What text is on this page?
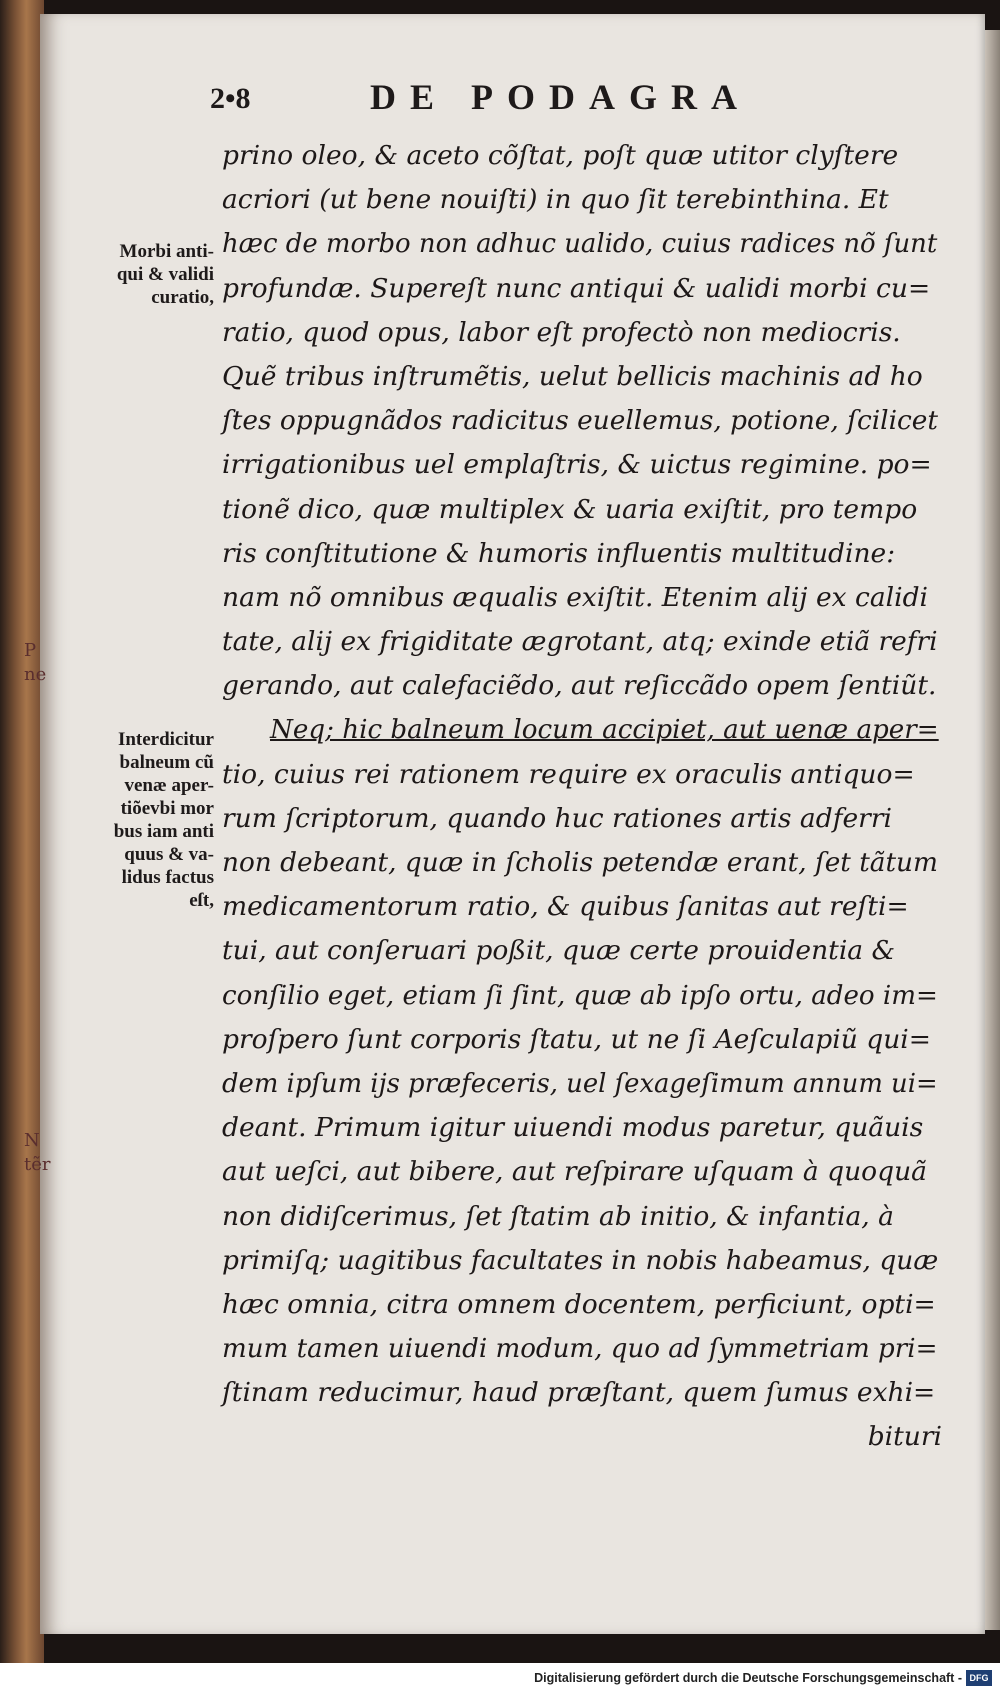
P
ne
N
tẽr
2•8	DE PODAGRA
Morbi anti-
qui & validi
curatio,
Interdicitur
balneum cũ
venæ aper-
tiõevbi mor
bus iam anti
quus & va-
lidus factus
eſt,
prino oleo, & aceto cõſtat, poſt quæ utitor clyſtere
acriori (ut bene nouiſti) in quo ſit terebinthina. Et
hæc de morbo non adhuc ualido, cuius radices nõ ſunt
profundæ. Supereſt nunc antiqui & ualidi morbi cu=
ratio, quod opus, labor eſt profectò non mediocris.
Quẽ tribus inſtrumẽtis, uelut bellicis machinis ad ho
ſtes oppugnãdos radicitus euellemus, potione, ſcilicet
irrigationibus uel emplaſtris, & uictus regimine. po=
tionẽ dico, quæ multiplex & uaria exiſtit, pro tempo
ris conſtitutione & humoris influentis multitudine:
nam nõ omnibus æqualis exiſtit. Etenim alij ex calidi
tate, alij ex frigiditate ægrotant, atq; exinde etiã refri
gerando, aut calefaciẽdo, aut reſiccãdo opem ſentiũt.
Neq; hic balneum locum accipiet, aut uenæ aper=
tio, cuius rei rationem require ex oraculis antiquo=
rum ſcriptorum, quando huc rationes artis adferri
non debeant, quæ in ſcholis petendæ erant, ſet tãtum
medicamentorum ratio, & quibus ſanitas aut reſti=
tui, aut conſeruari poßit, quæ certe prouidentia &
conſilio eget, etiam ſi ſint, quæ ab ipſo ortu, adeo im=
proſpero ſunt corporis ſtatu, ut ne ſi Aeſculapiũ qui=
dem ipſum ijs præfeceris, uel ſexageſimum annum ui=
deant. Primum igitur uiuendi modus paretur, quãuis
aut ueſci, aut bibere, aut reſpirare uſquam à quoquã
non didiſcerimus, ſet ſtatim ab initio, & infantia, à
primiſq; uagitibus facultates in nobis habeamus, quæ
hæc omnia, citra omnem docentem, perficiunt, opti=
mum tamen uiuendi modum, quo ad ſymmetriam pri=
ſtinam reducimur, haud præſtant, quem ſumus exhi=
bituri
Digitalisierung gefördert durch die Deutsche Forschungsgemeinschaft - DFG
